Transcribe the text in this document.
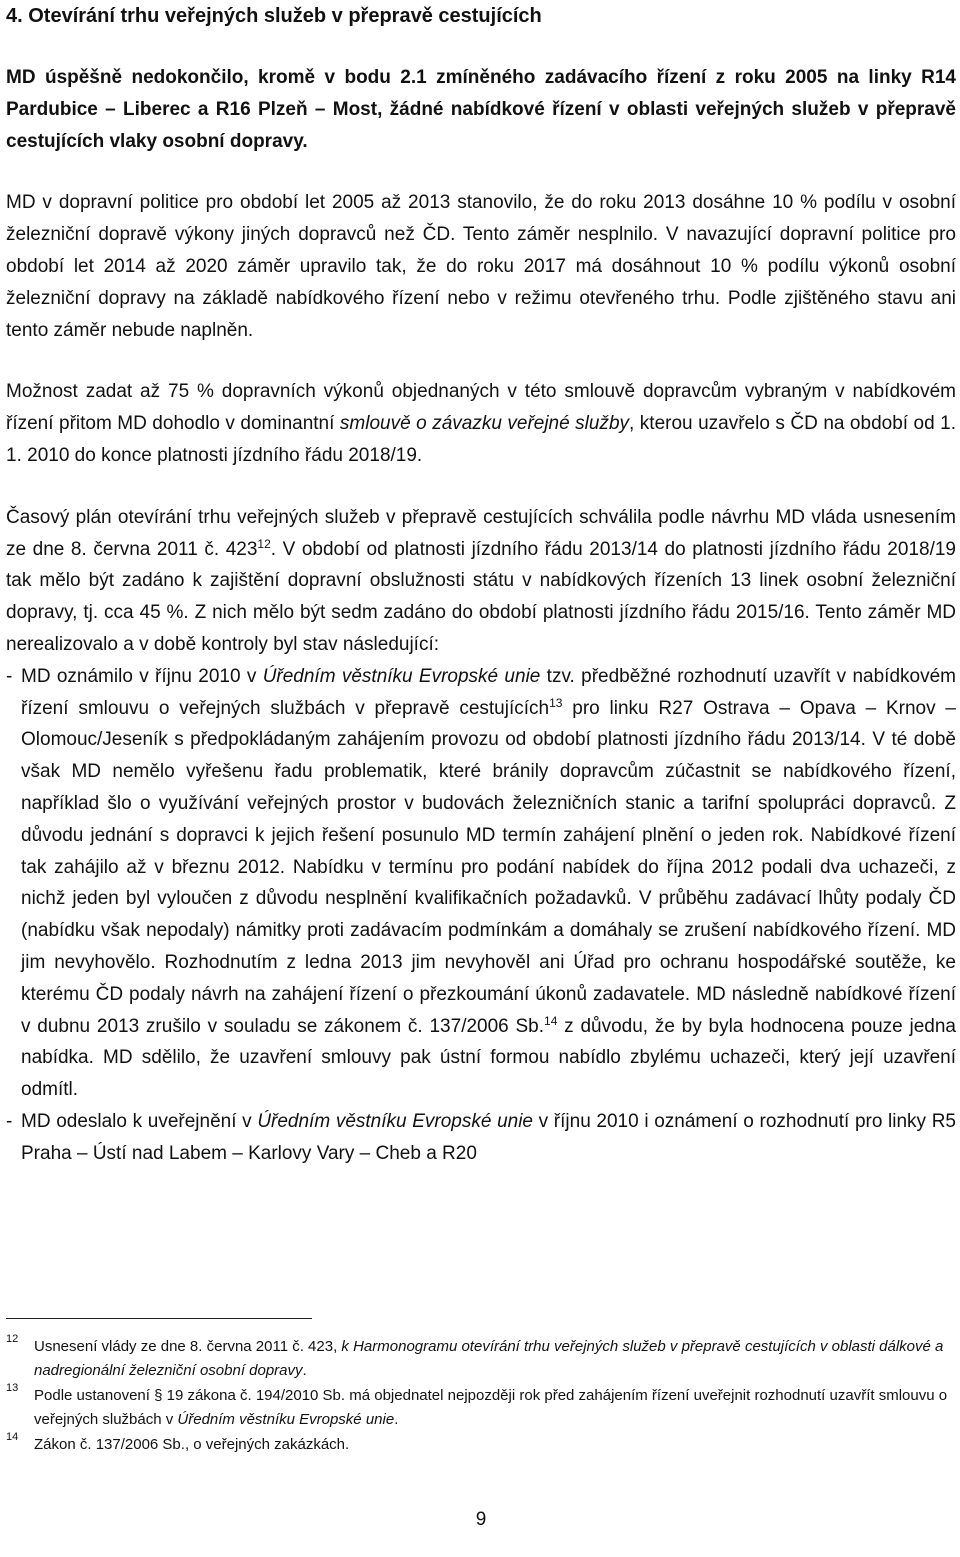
4. Otevírání trhu veřejných služeb v přepravě cestujících

MD úspěšně nedokončilo, kromě v bodu 2.1 zmíněného zadávacího řízení z roku 2005 na linky R14 Pardubice – Liberec a R16 Plzeň – Most, žádné nabídkové řízení v oblasti veřejných služeb v přepravě cestujících vlaky osobní dopravy.

MD v dopravní politice pro období let 2005 až 2013 stanovilo, že do roku 2013 dosáhne 10 % podílu v osobní železniční dopravě výkony jiných dopravců než ČD. Tento záměr nesplnilo. V navazující dopravní politice pro období let 2014 až 2020 záměr upravilo tak, že do roku 2017 má dosáhnout 10 % podílu výkonů osobní železniční dopravy na základě nabídkového řízení nebo v režimu otevřeného trhu. Podle zjištěného stavu ani tento záměr nebude naplněn.

Možnost zadat až 75 % dopravních výkonů objednaných v této smlouvě dopravcům vybraným v nabídkovém řízení přitom MD dohodlo v dominantní smlouvě o závazku veřejné služby, kterou uzavřelo s ČD na období od 1. 1. 2010 do konce platnosti jízdního řádu 2018/19.

Časový plán otevírání trhu veřejných služeb v přepravě cestujících schválila podle návrhu MD vláda usnesením ze dne 8. června 2011 č. $423^{12}$. V období od platnosti jízdního řádu 2013/14 do platnosti jízdního řádu 2018/19 tak mělo být zadáno k zajištění dopravní obslužnosti státu v nabídkových řízeních 13 linek osobní železniční dopravy, tj. cca 45 %. Z nich mělo být sedm zadáno do období platnosti jízdního řádu 2015/16. Tento záměr MD nerealizovalo a v době kontroly byl stav následující:

- MD oznámilo v říjnu 2010 v Úředním věstníku Evropské unie tzv. předběžné rozhodnutí uzavřít v nabídkovém řízení smlouvu o veřejných službách v přepravě cestujících$^{13}$ pro linku R27 Ostrava – Opava – Krnov – Olomouc/Jeseník s předpokládaným zahájením provozu od období platnosti jízdního řádu 2013/14. V té době však MD nemělo vyřešenu řadu problematik, které bránily dopravcům zúčastnit se nabídkového řízení, například šlo o využívání veřejných prostor v budovách železničních stanic a tarifní spolupráci dopravců. Z důvodu jednání s dopravci k jejich řešení posunulo MD termín zahájení plnění o jeden rok. Nabídkové řízení tak zahájilo až v březnu 2012. Nabídku v termínu pro podání nabídek do října 2012 podali dva uchazeči, z nichž jeden byl vyloučen z důvodu nesplnění kvalifikačních požadavků. V průběhu zadávací lhůty podaly ČD (nabídku však nepodaly) námitky proti zadávacím podmínkám a domáhaly se zrušení nabídkového řízení. MD jim nevyhovělo. Rozhodnutím z ledna 2013 jim nevyhověl ani Úřad pro ochranu hospodářské soutěže, ke kterému ČD podaly návrh na zahájení řízení o přezkoumání úkonů zadavatele. MD následně nabídkové řízení v dubnu 2013 zrušilo v souladu se zákonem č. 137/2006 Sb.$^{14}$ z důvodu, že by byla hodnocena pouze jedna nabídka. MD sdělilo, že uzavření smlouvy pak ústní formou nabídlo zbylému uchazeči, který její uzavření odmítl.
- MD odeslalo k uveřejnění v Úředním věstníku Evropské unie v říjnu 2010 i oznámení o rozhodnutí pro linky R5 Praha – Ústí nad Labem – Karlovy Vary – Cheb a R20
12 Usnesení vlády ze dne 8. června 2011 č. 423, k Harmonogramu otevírání trhu veřejných služeb v přepravě cestujících v oblasti dálkové a nadregionální železniční osobní dopravy.
13 Podle ustanovení § 19 zákona č. 194/2010 Sb. má objednatel nejpozději rok před zahájením řízení uveřejnit rozhodnutí uzavřít smlouvu o veřejných službách v Úředním věstníku Evropské unie.
14 Zákon č. 137/2006 Sb., o veřejných zakázkách.
9
